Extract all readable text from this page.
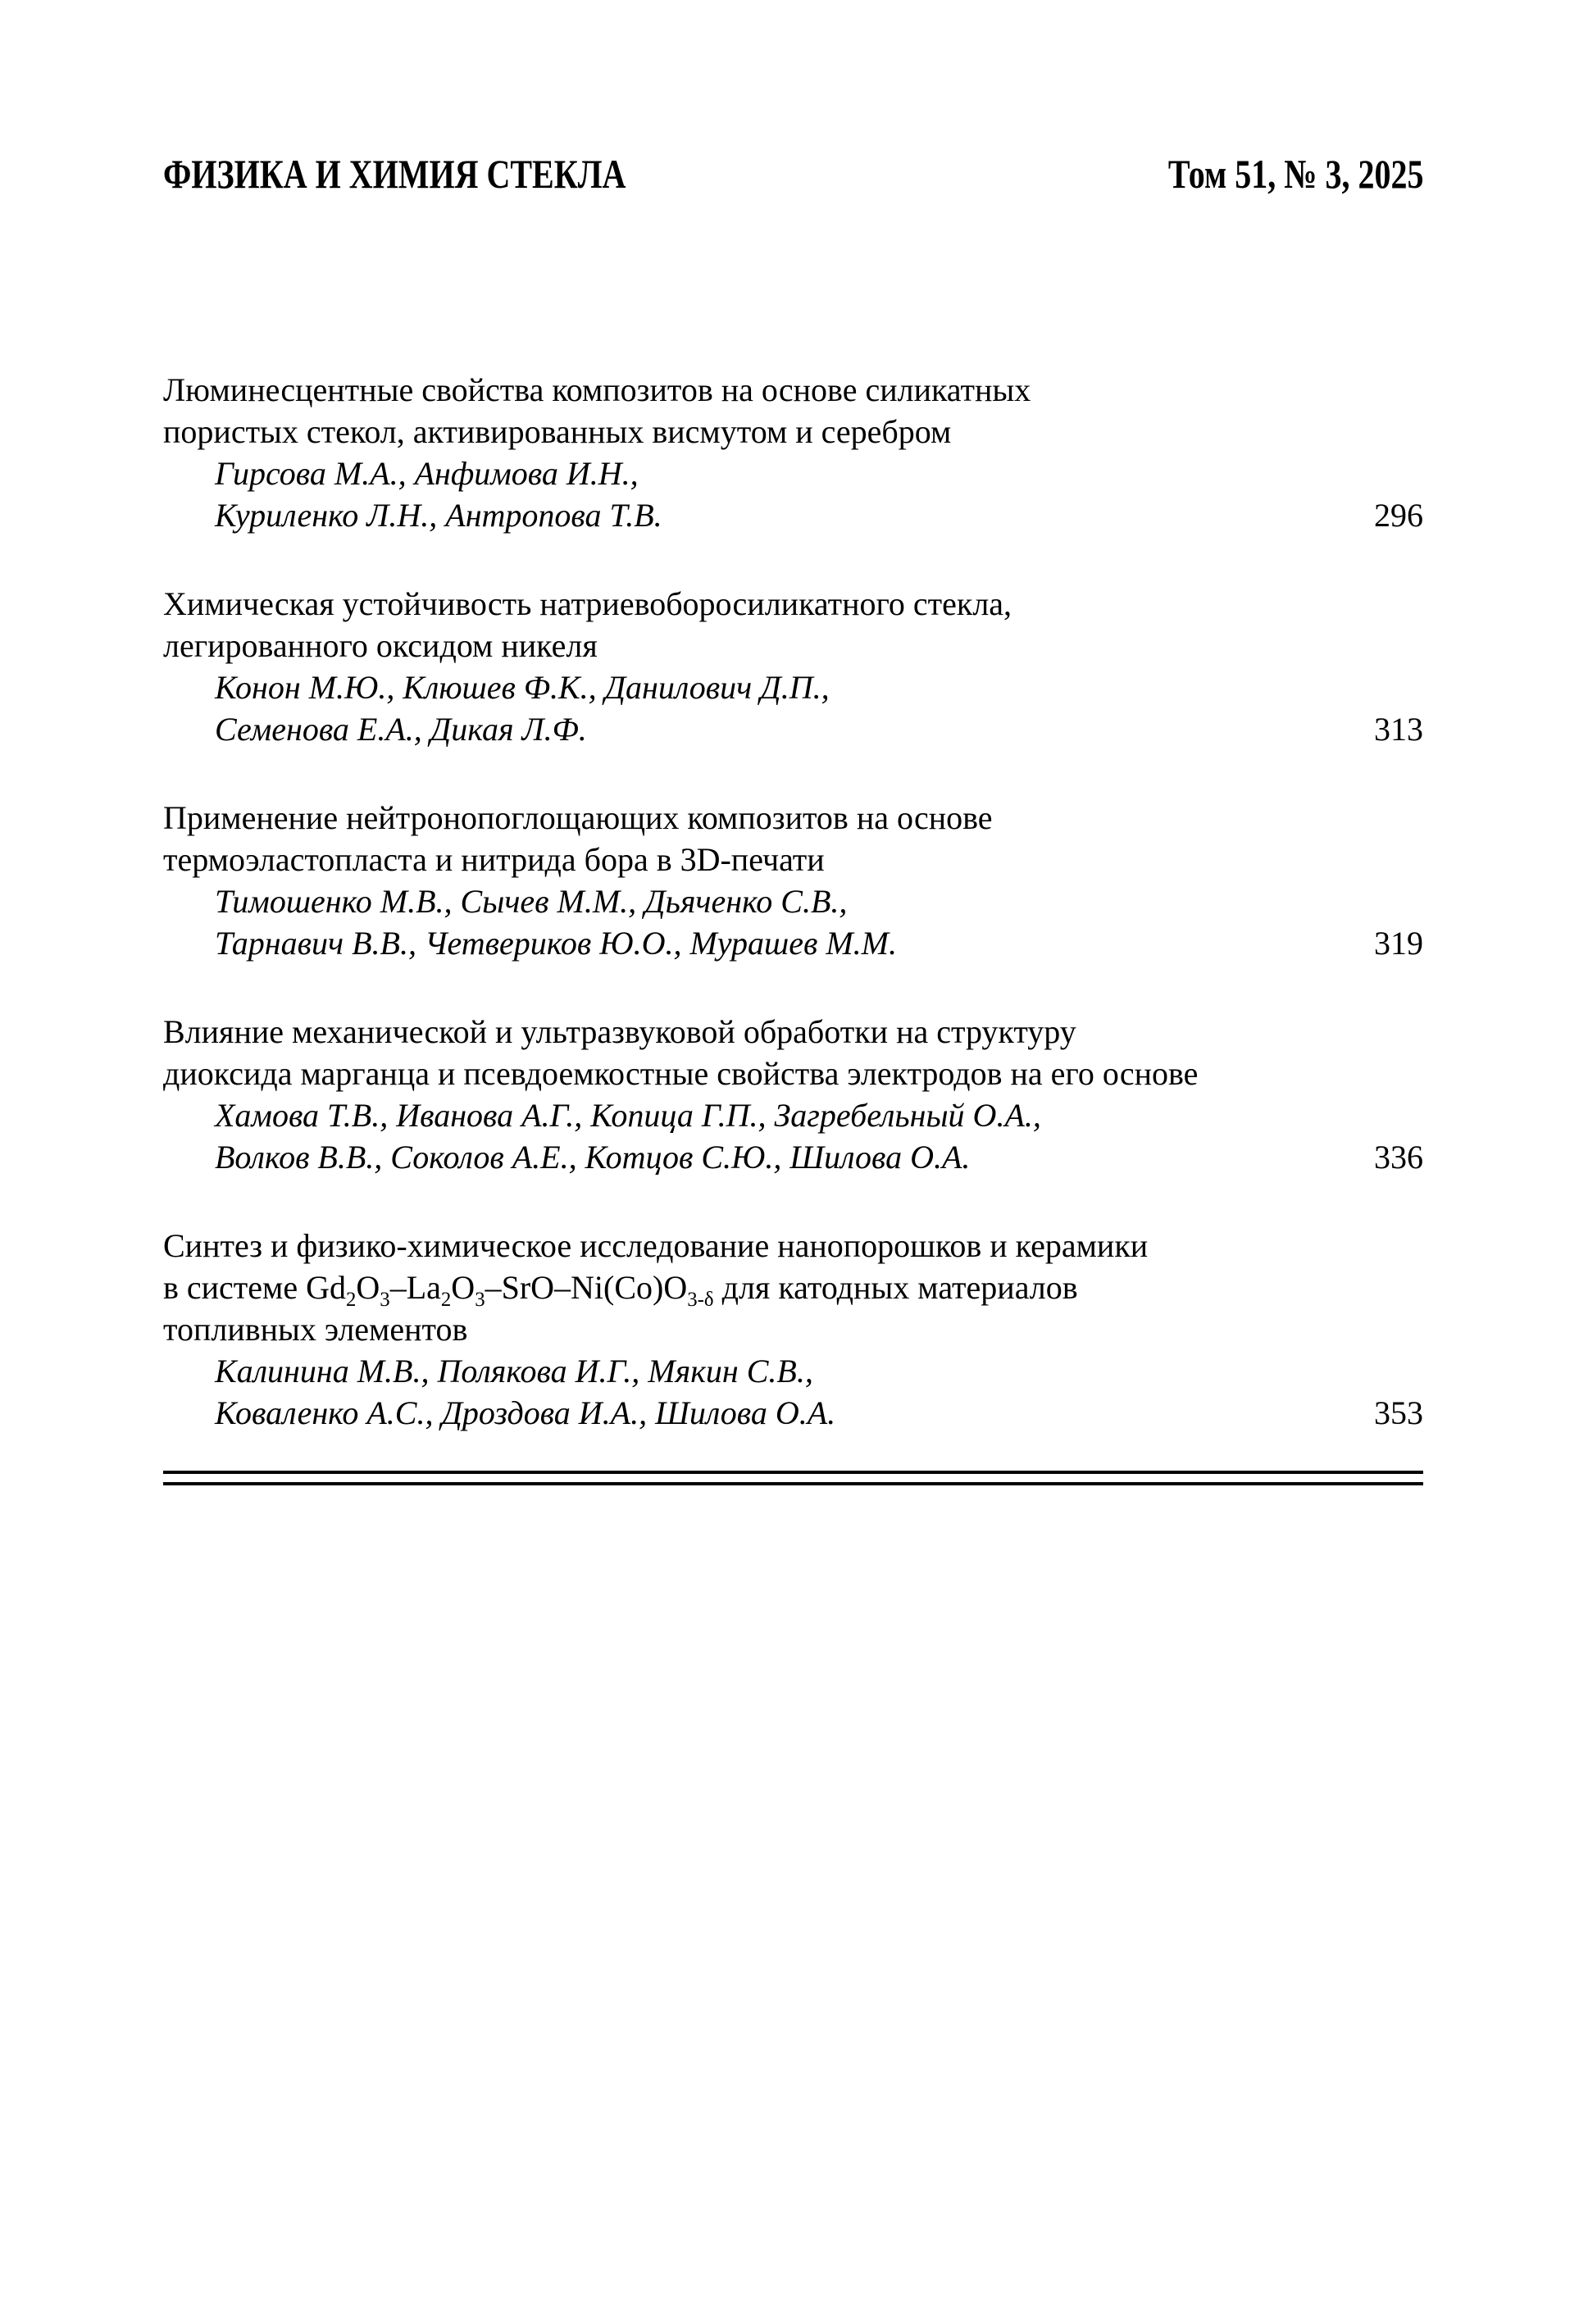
ФИЗИКА И ХИМИЯ СТЕКЛА	Том 51, № 3, 2025
Люминесцентные свойства композитов на основе силикатных
пористых стекол, активированных висмутом и серебром
Гирсова М.А., Анфимова И.Н.,
Куриленко Л.Н., Антропова Т.В.	296
Химическая устойчивость натриевоборосиликатного стекла,
легированного оксидом никеля
Конон М.Ю., Клюшев Ф.К., Данилович Д.П.,
Семенова Е.А., Дикая Л.Ф.	313
Применение нейтронопоглощающих композитов на основе
термоэластопласта и нитрида бора в 3D-печати
Тимошенко М.В., Сычев М.М., Дьяченко С.В.,
Тарнавич В.В., Четвериков Ю.О., Мурашев М.М.	319
Влияние механической и ультразвуковой обработки на структуру
диоксида марганца и псевдоемкостные свойства электродов на его основе
Хамова Т.В., Иванова А.Г., Копица Г.П., Загребельный О.А.,
Волков В.В., Соколов А.Е., Котцов С.Ю., Шилова О.А.	336
Синтез и физико-химическое исследование нанопорошков и керамики
в системе $Gd_2O_3-La_2O_3-SrO-Ni(Co)O_{3-\delta}$ для катодных материалов
топливных элементов
Калинина М.В., Полякова И.Г., Мякин С.В.,
Коваленко А.С., Дроздова И.А., Шилова О.А.	353
